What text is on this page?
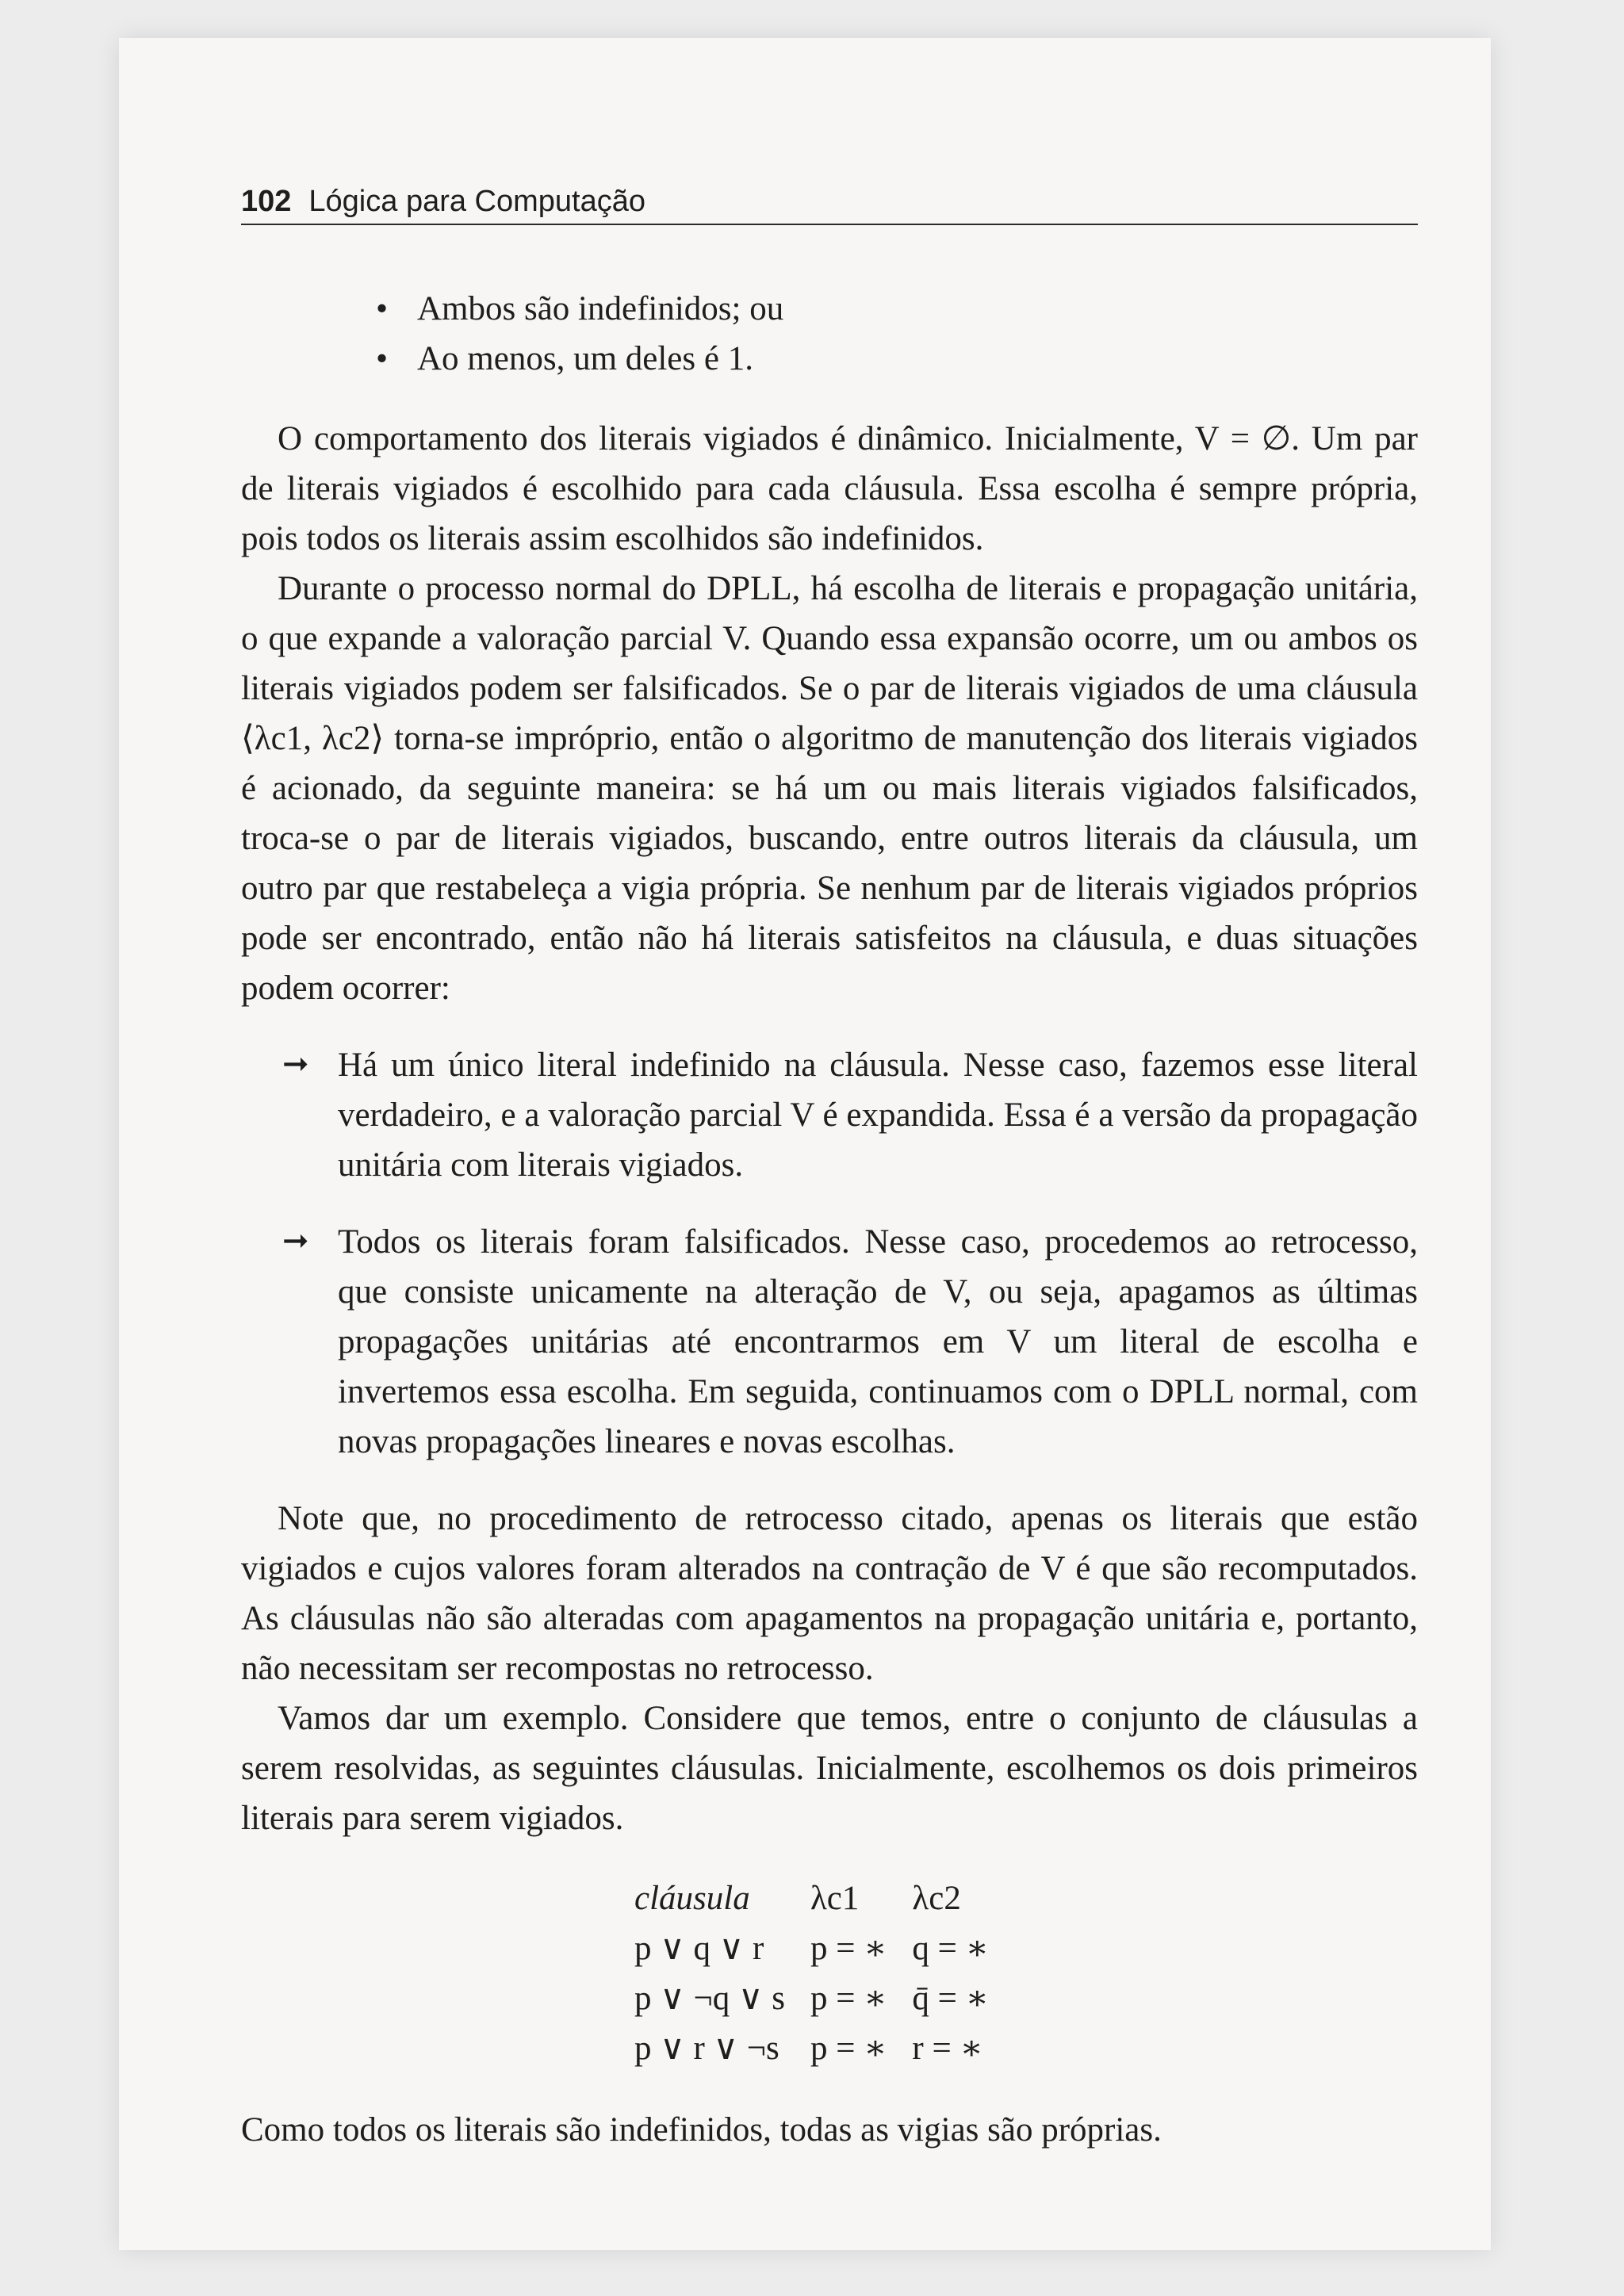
102 Lógica para Computação
• Ambos são indefinidos; ou
• Ao menos, um deles é 1.

O comportamento dos literais vigiados é dinâmico. Inicialmente, V = ∅. Um par de literais vigiados é escolhido para cada cláusula. Essa escolha é sempre própria, pois todos os literais assim escolhidos são indefinidos.

Durante o processo normal do DPLL, há escolha de literais e propagação unitária, o que expande a valoração parcial V. Quando essa expansão ocorre, um ou ambos os literais vigiados podem ser falsificados. Se o par de literais vigiados de uma cláusula ⟨λc1, λc2⟩ torna-se impróprio, então o algoritmo de manutenção dos literais vigiados é acionado, da seguinte maneira: se há um ou mais literais vigiados falsificados, troca-se o par de literais vigiados, buscando, entre outros literais da cláusula, um outro par que restabeleça a vigia própria. Se nenhum par de literais vigiados próprios pode ser encontrado, então não há literais satisfeitos na cláusula, e duas situações podem ocorrer:

➞ Há um único literal indefinido na cláusula. Nesse caso, fazemos esse literal verdadeiro, e a valoração parcial V é expandida. Essa é a versão da propagação unitária com literais vigiados.
➞ Todos os literais foram falsificados. Nesse caso, procedemos ao retrocesso, que consiste unicamente na alteração de V, ou seja, apagamos as últimas propagações unitárias até encontrarmos em V um literal de escolha e invertemos essa escolha. Em seguida, continuamos com o DPLL normal, com novas propagações lineares e novas escolhas.

Note que, no procedimento de retrocesso citado, apenas os literais que estão vigiados e cujos valores foram alterados na contração de V é que são recomputados. As cláusulas não são alteradas com apagamentos na propagação unitária e, portanto, não necessitam ser recompostas no retrocesso.

Vamos dar um exemplo. Considere que temos, entre o conjunto de cláusulas a serem resolvidas, as seguintes cláusulas. Inicialmente, escolhemos os dois primeiros literais para serem vigiados.

cláusula	λc1	λc2
p ∨ q ∨ r	p = ∗	q = ∗
p ∨ ¬q ∨ s	p = ∗	q̄ = ∗
p ∨ r ∨ ¬s	p = ∗	r = ∗

Como todos os literais são indefinidos, todas as vigias são próprias.
